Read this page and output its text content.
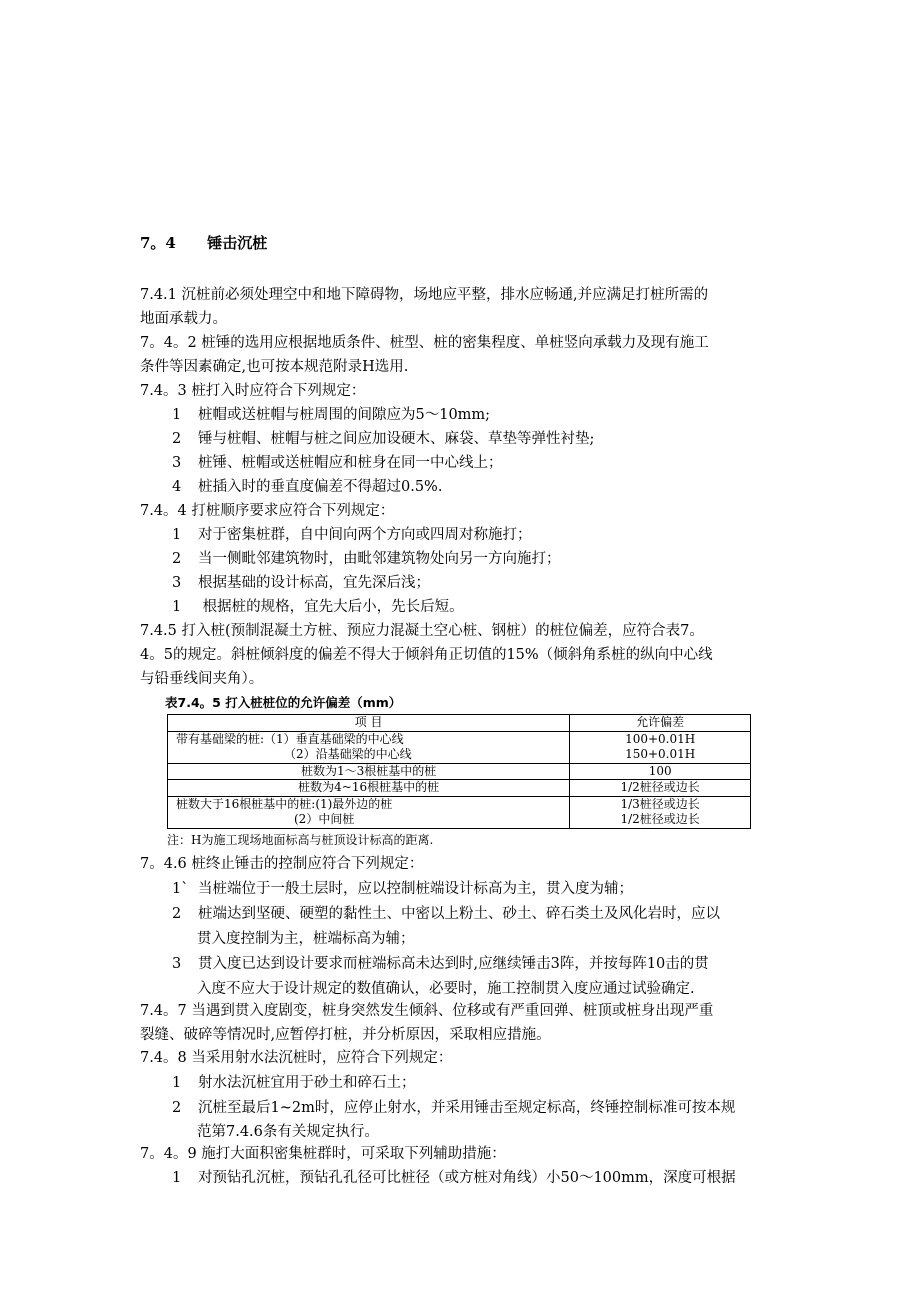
7。4 锤击沉桩
7.4.1 沉桩前必须处理空中和地下障碍物，场地应平整，排水应畅通,并应满足打桩所需的
地面承载力。
7。4。2 桩锤的选用应根据地质条件、桩型、桩的密集程度、单桩竖向承载力及现有施工
条件等因素确定,也可按本规范附录H选用.
7.4。3 桩打入时应符合下列规定：
1 桩帽或送桩帽与桩周围的间隙应为5～10mm;
2 锤与桩帽、桩帽与桩之间应加设硬木、麻袋、草垫等弹性衬垫;
3 桩锤、桩帽或送桩帽应和桩身在同一中心线上；
4 桩插入时的垂直度偏差不得超过0.5%.
7.4。4 打桩顺序要求应符合下列规定：
1 对于密集桩群，自中间向两个方向或四周对称施打；
2 当一侧毗邻建筑物时，由毗邻建筑物处向另一方向施打；
3 根据基础的设计标高，宜先深后浅；
1 根据桩的规格，宜先大后小，先长后短。
7.4.5 打入桩(预制混凝土方桩、预应力混凝土空心桩、钢桩）的桩位偏差，应符合表7。
4。5的规定。斜桩倾斜度的偏差不得大于倾斜角正切值的15%（倾斜角系桩的纵向中心线
与铅垂线间夹角）。
表7.4。5 打入桩桩位的允许偏差（mm）
项 目	允许偏差
带有基础梁的桩:（1）垂直基础梁的中心线	100+0.01H
（2）沿基础梁的中心线	150+0.01H
桩数为1～3根桩基中的桩	100
桩数为4~16根桩基中的桩	1/2桩径或边长
桩数大于16根桩基中的桩:(1)最外边的桩	1/3桩径或边长
(2）中间桩	1/2桩径或边长
注：H为施工现场地面标高与桩顶设计标高的距离.
7。4.6 桩终止锤击的控制应符合下列规定：
1` 当桩端位于一般土层时，应以控制桩端设计标高为主，贯入度为辅；
2 桩端达到坚硬、硬塑的黏性土、中密以上粉土、砂土、碎石类土及风化岩时，应以
贯入度控制为主，桩端标高为辅；
3 贯入度已达到设计要求而桩端标高未达到时,应继续锤击3阵，并按每阵10击的贯
入度不应大于设计规定的数值确认，必要时，施工控制贯入度应通过试验确定.
7.4。7 当遇到贯入度剧变，桩身突然发生倾斜、位移或有严重回弹、桩顶或桩身出现严重
裂缝、破碎等情况时,应暂停打桩，并分析原因，采取相应措施。
7.4。8 当采用射水法沉桩时，应符合下列规定：
1 射水法沉桩宜用于砂土和碎石土；
2 沉桩至最后1~2m时，应停止射水，并采用锤击至规定标高，终锤控制标准可按本规
范第7.4.6条有关规定执行。
7。4。9 施打大面积密集桩群时，可采取下列辅助措施：
1 对预钻孔沉桩，预钻孔孔径可比桩径（或方桩对角线）小50～100mm，深度可根据
